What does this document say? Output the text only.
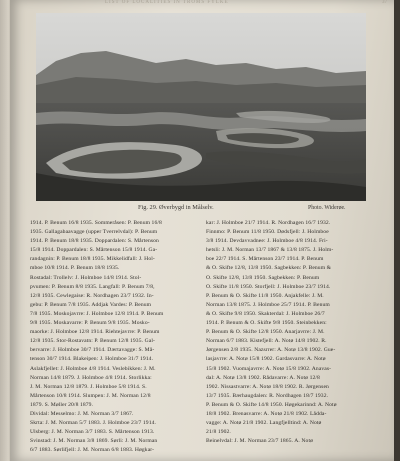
LIST OF LOCALITIES IN TROMS FYLKE	37
Fig. 29. Øverbygd in Målselv.	Photo. Widerøe.
1914. P. Benum 16/8 1935. Sommeråsen: P. Benum 16/8
1935. Gallagabaavagge (upper Tverrelvdal): P. Benum
1914. P. Benum 18/8 1935. Doppardalen: S. Mårtenson
15/8 1914. Doppardalen: S. Mårtenson 15/8 1914. Ga-
randagnin: P. Benum 18/8 1935. Mikkelidfall: J. Hol-
mboe 10/8 1914. P. Benum 18/8 1935.
Rostadal: Trollelv: J. Holmboe 14/8 1914. Stol-
pvumen: P. Benum 8/8 1935. Langfall: P. Benum 7/8,
12/8 1935. Cewlegaise: R. Nordhagen 23/7 1932. In-
gebu: P. Benum 7/8 1935. Addjak Vardes: P. Benum
7/8 1935. Moskojavrre: J. Holmboe 12/8 1914. P. Benum
9/8 1935. Moskavarre: P. Benum 9/8 1935. Mosko-
maorke: J. Holmboe 12/8 1914. Riehtejavrre: P. Benum
12/8 1935. Stor-Rostavatn: P. Benum 12/8 1935. Gal-
bervarre: J. Holmboe 30/7 1914. Dærtavagge: S. Må-
tenson 30/7 1914. Blakeipen: J. Holmboe 31/7 1914.
Aslakfjellet: J. Holmboe 4/8 1914. Veslebikken: J. M.
Norman 14/8 1879. J. Holmboe 4/8 1914. Storlikka:
J. M. Norman 12/8 1879. J. Holmboe 5/8 1914. S.
Mårtenson 10/8 1914. Slumpen: J. M. Norman 12/8
1879. S. Møller 20/8 1879.
Dividal: Messelmo: J. M. Norman 3/7 1867.
Skrta: J. M. Norman 5/7 1883. J. Holmboe 23/7 1914.
Ulsberg: J. M. Norman 3/7 1883. S. Mårtenson 1913.
Svinstad: J. M. Norman 3/8 1869. Sørli: J. M. Norman
6/7 1883. Sørlifjell: J. M. Norman 6/8 1883. Høgkar-
kar: J. Holmboe 21/7 1914. R. Nordhagen 16/7 1932.
Finnmo: P. Benum 11/8 1950. Dødsfjell: J. Holmboe
3/8 1914. Devdavvadnee: J. Holmboe 4/8 1914. Fri-
hetsli: J. M. Norman 13/7 1867 & 13/8 1875. J. Holm-
boe 22/7 1914. S. Mårtenson 23/7 1914. P. Benum
& O. Skifte 12/8, 13/8 1950. Sagbekken: P. Benum &
O. Skifte 12/8, 13/8 1950. Sagbekken: P. Benum
O. Skifte 11/8 1950. Storfjell: J. Holmboe 23/7 1914.
P. Benum & O. Skifte 11/8 1950. Anjakfelle: J. M.
Norman 13/8 1875. J. Holmboe 25/7 1914. P. Benum
& O. Skifte 9/8 1950. Skakterdal: J. Holmboe 26/7
1914. P. Benum & O. Skifte 9/8 1950. Steinbekken:
P. Benum & O. Skifte 12/8 1950. Anarjavrre: J. M.
Norman 6/7 1883. Kistefjell: A. Notø 14/8 1902. R.
Jørgensen 2/8 1935. Nazsrrer: A. Notø 13/8 1902. Gue-
lasjavrre: A. Notø 15/8 1902. Gardasvarre: A. Notø
15/8 1902. Vuomajavrre: A. Notø 15/8 1902. Anavas-
dal: A. Notø 13/8 1902. Rådavarre: A. Notø 12/8
1902. Nissastvarre: A. Notø 18/8 1902. R. Jørgensen
13/7 1935. Bærhaugdalen: R. Nordhagen 18/7 1932.
P. Benum & O. Skifte 14/8 1950. Høgekarinnd: A. Notø
18/8 1902. Brenasvarre: A. Notø 21/8 1902. Lådda-
vagge: A. Notø 21/8 1902. Langfjelltind: A. Notø
21/8 1902.
Beinelvdal: J. M. Norman 23/7 1865. A. Notø
